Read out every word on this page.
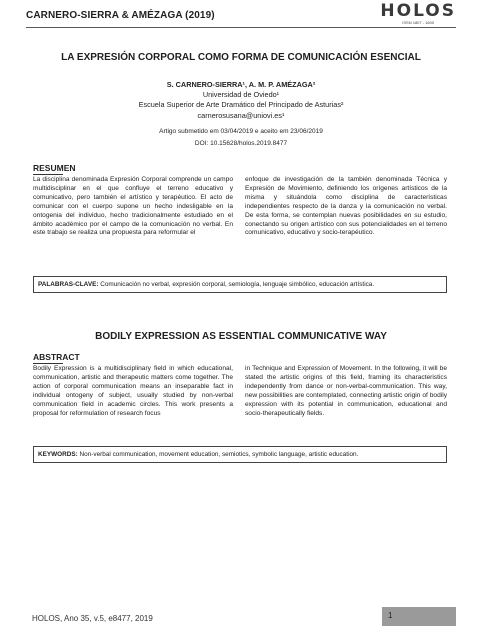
CARNERO-SIERRA & AMÉZAGA (2019)	HOLOS
ISSN 1807 - 1600
LA EXPRESIÓN CORPORAL COMO FORMA DE COMUNICACIÓN ESENCIAL
S. CARNERO-SIERRA¹, A. M. P. AMÉZAGA²
Universidad de Oviedo¹
Escuela Superior de Arte Dramático del Principado de Asturias²
carnerosusana@uniovi.es¹
Artigo submetido em 03/04/2019 e aceito em 23/06/2019
DOI: 10.15628/holos.2019.8477
RESUMEN
La disciplina denominada Expresión Corporal comprende un campo multidisciplinar en el que confluye el terreno educativo y comunicativo, pero también el artístico y terapéutico. El acto de comunicar con el cuerpo supone un hecho indesligable en la ontogenia del individuo, hecho tradicionalmente estudiado en el ámbito académico por el campo de la comunicación no verbal. En este trabajo se realiza una propuesta para reformular el
enfoque de investigación de la también denominada Técnica y Expresión de Movimiento, definiendo los orígenes artísticos de la misma y situándola como disciplina de características independientes respecto de la danza y la comunicación no verbal. De esta forma, se contemplan nuevas posibilidades en su estudio, conectando su origen artístico con sus potencialidades en el terreno comunicativo, educativo y socio-terapéutico.
PALABRAS-CLAVE: Comunicación no verbal, expresión corporal, semiología, lenguaje simbólico, educación artística.
BODILY EXPRESSION AS ESSENTIAL COMMUNICATIVE WAY
ABSTRACT
Bodily Expression is a multidisciplinary field in which educational, communication, artistic and therapeutic matters come together. The action of corporal communication means an inseparable fact in individual ontogeny of subject, usually studied by non-verbal communication field in academic circles. This work presents a proposal for reformulation of research focus
in Technique and Expression of Movement. In the following, it will be stated the artistic origins of this field, framing its characteristics independently from dance or non-verbal-communication. This way, new possibilities are contemplated, connecting artistic origin of bodily expression with its potential in communication, educational and socio-therapeutically fields.
KEYWORDS: Non-verbal communication, movement education, semiotics, symbolic language, artistic education.
HOLOS, Ano 35, v.5, e8477, 2019	1
